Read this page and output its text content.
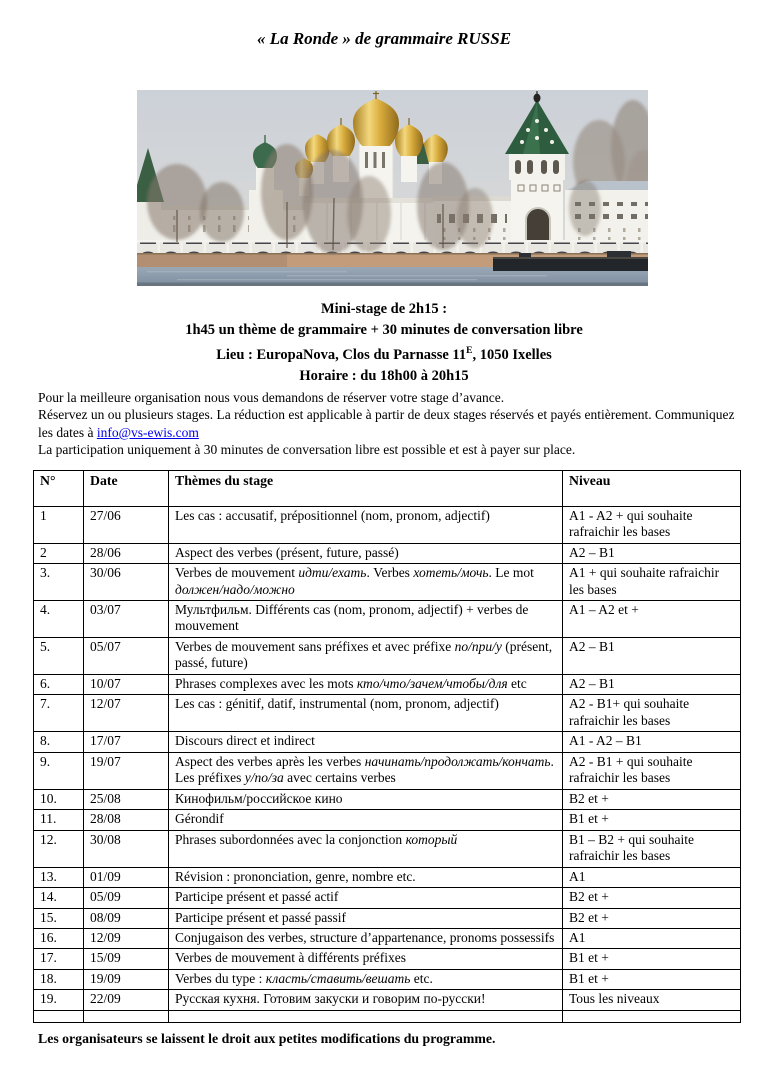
« La Ronde » de grammaire RUSSE
Mini-stage de 2h15 :
1h45 un thème de grammaire + 30 minutes de conversation libre
Lieu : EuropaNova, Clos du Parnasse $11^E$, 1050 Ixelles
Horaire : du 18h00 à 20h15

Pour la meilleure organisation nous vous demandons de réserver votre stage d’avance.

Réservez un ou plusieurs stages. La réduction est applicable à partir de deux stages réservés et payés entièrement. Communiquez les dates à info@vs-ewis.com

La participation uniquement à 30 minutes de conversation libre est possible et est à payer sur place.

N°	Date	Thèmes du stage	Niveau
1	27/06	Les cas : accusatif, prépositionnel (nom, pronom, adjectif)	A1 - A2 + qui souhaite rafraichir les bases
2	28/06	Aspect des verbes (présent, future, passé)	A2 – B1
3.	30/06	Verbes de mouvement идти/ехать. Verbes хотеть/мочь. Le mot должен/надо/можно	A1 + qui souhaite rafraichir les bases
4.	03/07	Мультфильм. Différents cas (nom, pronom, adjectif) + verbes de mouvement	A1 – A2 et +
5.	05/07	Verbes de mouvement sans préfixes et avec préfixe по/при/у (présent, passé, future)	A2 – B1
6.	10/07	Phrases complexes avec les mots кто/что/зачем/чтобы/для etc	A2 – B1
7.	12/07	Les cas : génitif, datif, instrumental (nom, pronom, adjectif)	A2 - B1+ qui souhaite rafraichir les bases
8.	17/07	Discours direct et indirect	A1 - A2 – B1
9.	19/07	Aspect des verbes après les verbes начинать/продолжать/кончать. Les préfixes у/по/за avec certains verbes	A2 - B1 + qui souhaite rafraichir les bases
10.	25/08	Кинофильм/российское кино	B2 et +
11.	28/08	Gérondif	B1 et +
12.	30/08	Phrases subordonnées avec la conjonction который	B1 – B2 + qui souhaite rafraichir les bases
13.	01/09	Révision : prononciation, genre, nombre etc.	A1
14.	05/09	Participe présent et passé actif	B2 et +
15.	08/09	Participe présent et passé passif	B2 et +
16.	12/09	Conjugaison des verbes, structure d’appartenance, pronoms possessifs	A1
17.	15/09	Verbes de mouvement à différents préfixes	B1 et +
18.	19/09	Verbes du type : класть/ставить/вешать etc.	B1 et +
19.	22/09	Русская кухня. Готовим закуски и говорим по-русски!	Tous les niveaux

Les organisateurs se laissent le droit aux petites modifications du programme.
